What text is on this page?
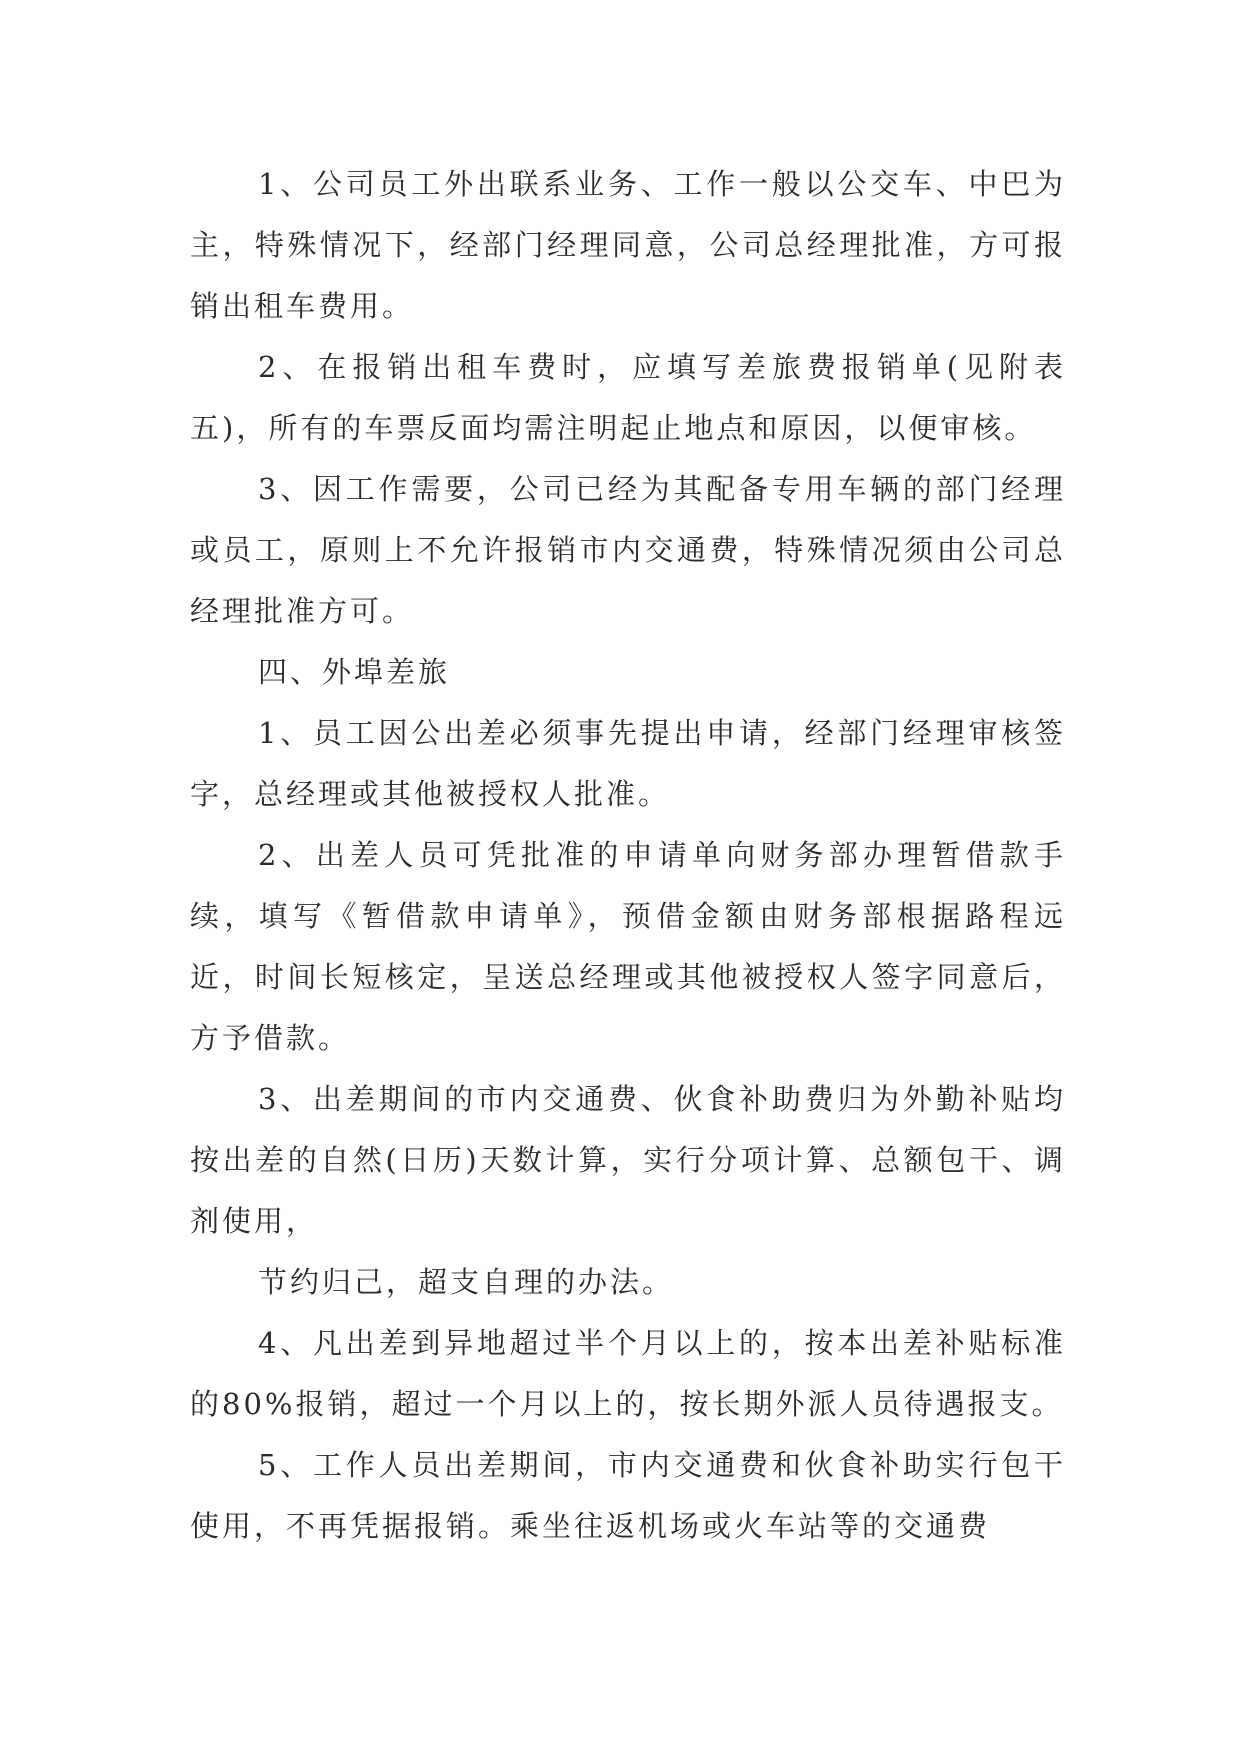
1、公司员工外出联系业务、工作一般以公交车、中巴为主，特殊情况下，经部门经理同意，公司总经理批准，方可报销出租车费用。

2、在报销出租车费时，应填写差旅费报销单(见附表五)，所有的车票反面均需注明起止地点和原因，以便审核。

3、因工作需要，公司已经为其配备专用车辆的部门经理或员工，原则上不允许报销市内交通费，特殊情况须由公司总经理批准方可。

四、外埠差旅

1、员工因公出差必须事先提出申请，经部门经理审核签字，总经理或其他被授权人批准。

2、出差人员可凭批准的申请单向财务部办理暂借款手续，填写《暂借款申请单》，预借金额由财务部根据路程远近，时间长短核定，呈送总经理或其他被授权人签字同意后，方予借款。

3、出差期间的市内交通费、伙食补助费归为外勤补贴均按出差的自然(日历)天数计算，实行分项计算、总额包干、调剂使用，

节约归己，超支自理的办法。

4、凡出差到异地超过半个月以上的，按本出差补贴标准的80%报销，超过一个月以上的，按长期外派人员待遇报支。

5、工作人员出差期间，市内交通费和伙食补助实行包干使用，不再凭据报销。乘坐往返机场或火车站等的交通费
